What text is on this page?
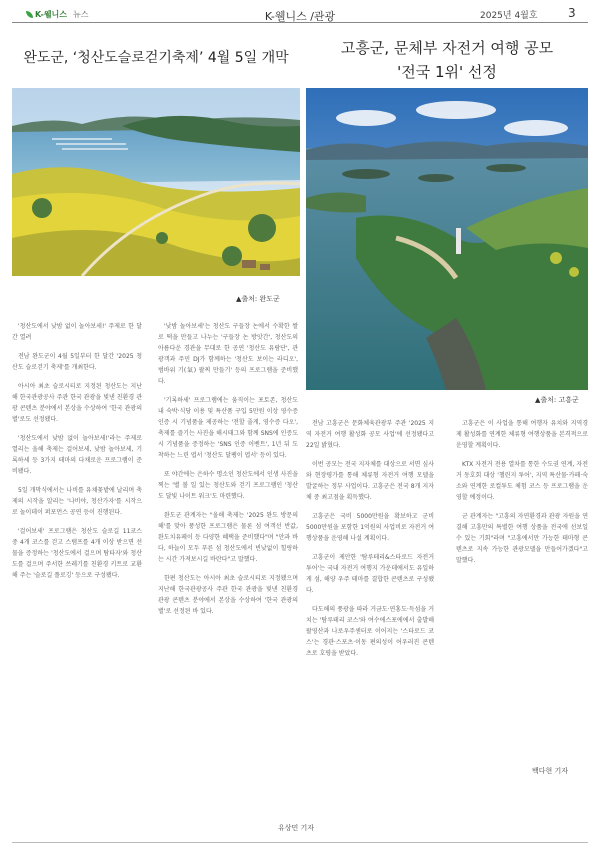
K-웰니스 뉴스	K-웰니스 /관광	2025년 4월호	3
완도군, ‘청산도슬로걷기축제’ 4월 5일 개막
▲출처: 완도군

'청산도에서 낮밤 없이 놀아보세!' 주제로 한 달간 열려

전남 완도군이 4월 5일부터 한 달간 '2025 청산도 슬로걷기 축제'를 개최한다.

아시아 최초 슬로시티로 지정된 청산도는 지난해 한국관광공사 주관 한국 관광을 빛낸 친환경 관광 콘텐츠 분야에서 본상을 수상하여 '한국 관광의 별'로도 선정됐다.

'청산도에서 낮밤 없이 놀아보세!'라는 주제로 열리는 올해 축제는 걸어보세, 낮밤 놀아보세, 기록하세 등 3가지 테마의 다채로운 프로그램이 준비됐다.

5일 개막식에서는 나비를 유채꽃밭에 날리며 축제의 시작을 알리는 '나비야, 청산가자'를 시작으로 놀이데이 퍼포먼스 공연 등이 진행된다.

'걸어보세' 프로그램은 청산도 슬로길 11코스 중 4개 코스를 걷고 스탬프를 4개 이상 받으면 선물을 증정하는 '청산도에서 걸으며 탐타자'와 청산도를 걸으며 주서한 쓰레기를 친환경 키트로 교환해 주는 '슬로길 플로깅' 등으로 구성됐다.

'낮밤 놀아보세'는 청산도 구들장 논에서 수확한 쌀로 떡을 만들고 나누는 '구들장 논 방앗간', 청산도의 아름다운 경관을 무대로 한 공연 '청산도 유람단', 관광객과 주민 DJ가 함께하는 '청산도 보이는 라디오', 범바위 기(氣) 팔찌 만들기' 등의 프로그램을 준비했다.

'기록하세' 프로그램에는 움직이는 포토존, 청산도 내 숙박·식당 이용 및 특산품 구입 5만원 이상 영수증 인증 시 기념품을 제공하는 '전할 줄게, 영수증 다오', 축제를 즐기는 사진을 해시태그와 함께 SNS에 인증도 시 기념품을 증정하는 'SNS 인증 이벤트', 1년 뒤 도착하는 느린 엽서 '청산도 달팽이 엽서' 등이 있다.

또 야간에는 은하수 명소인 청산도에서 인생 사진을 찍는 '별 볼 일 있는 청산도와 걷기 프로그램인 '청산도 달빛 나이트 워크'도 마련했다.

완도군 관계자는 "올해 축제는 '2025 완도 방문의 해'를 맞아 풍성한 프로그램은 물론 섬 여객선 반값, 완도치유페이 등 다양한 혜택을 준비했다"며 "안과 바다, 하늘이 모두 푸른 섬 청산도에서 빈낮없이 힐링하는 시간 가져보시길 바란다"고 말했다.

한편 청산도는 아시아 최초 슬로시티로 지정됐으며 지난해 한국관광공사 주관 한국 관광을 빛낸 친환경 관광 콘텐츠 분야에서 본상을 수상하여 '한국 관광의 별'로 선정된 바 있다.

유상민 기자
고흥군, 문체부 자전거 여행 공모
'전국 1위' 선정
▲출처: 고흥군

전남 고흥군은 문화체육관광부 주관 '2025 지역 자전거 여행 활성화 공모 사업'에 선정됐다고 22일 밝혔다.

이번 공모는 전국 지자체를 대상으로 서면 심사와 현장평가를 통해 체류형 자전거 여행 모델을 발굴하는 정부 사업이다. 고흥군은 전국 8개 지자체 중 최고점을 획득했다.

고흥군은 국비 5000만원을 확보하고 군비 5000만원을 포함한 1억원의 사업비로 자전거 여행상품을 운영해 나설 계획이다.

고흥군이 제안한 '탐루테리&스타로드 자전거 투어'는 국내 자전거 여행지 가운데에서도 유일하게 섬, 해양 우주 테마를 결합한 콘텐츠로 구성됐다.

다도해의 풍광을 따라 거금도·연홍도·득섬을 거치는 '탐루테리 코스'와 여수에스포에에서 출발해 팔영산과 나로우주센터로 이어지는 '스타로드 코스'는 경관·스포츠·이동 편의성이 어우러진 콘텐츠로 호평을 받았다.

고흥군은 이 사업을 통해 여행자 유치와 지역경제 활성화를 연계한 체류형 여행상품을 본격적으로 운영할 계획이다.

KTX 자전거 전용 열차를 통한 수도권 연계, 자전거 동호회 대상 '챌린지 투어', 지역 특산물·카페·숙소와 연계한 로컬투도 체험 코스 등 프로그램을 운영할 예정이다.

군 관계자는 "고흥의 자연환경과 관광 자원을 연결해 고흥만의 특별한 여행 상품을 전국에 선보일 수 있는 기회"라며 "고흥에서만 가능한 테마형 콘텐츠로 지속 가능한 관광모델을 만들어가겠다"고 말했다.

백다현 기자
